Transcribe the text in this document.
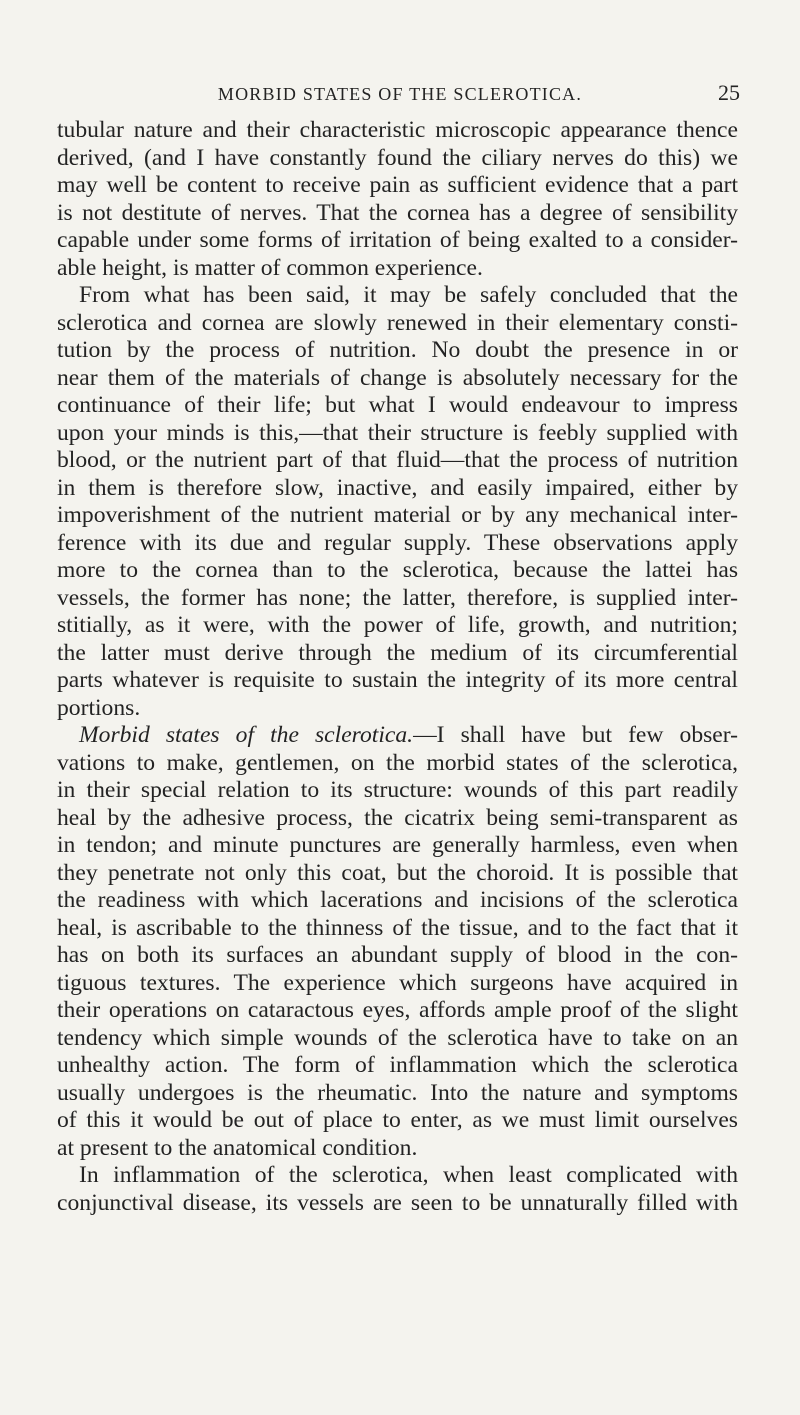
MORBID STATES OF THE SCLEROTICA.	25
tubular nature and their characteristic microscopic appearance thence
derived, (and I have constantly found the ciliary nerves do this) we
may well be content to receive pain as sufficient evidence that a part
is not destitute of nerves. That the cornea has a degree of sensibility
capable under some forms of irritation of being exalted to a consider-
able height, is matter of common experience.
From what has been said, it may be safely concluded that the
sclerotica and cornea are slowly renewed in their elementary consti-
tution by the process of nutrition. No doubt the presence in or
near them of the materials of change is absolutely necessary for the
continuance of their life; but what I would endeavour to impress
upon your minds is this,—that their structure is feebly supplied with
blood, or the nutrient part of that fluid—that the process of nutrition
in them is therefore slow, inactive, and easily impaired, either by
impoverishment of the nutrient material or by any mechanical inter-
ference with its due and regular supply. These observations apply
more to the cornea than to the sclerotica, because the lattei has
vessels, the former has none; the latter, therefore, is supplied inter-
stitially, as it were, with the power of life, growth, and nutrition;
the latter must derive through the medium of its circumferential
parts whatever is requisite to sustain the integrity of its more central
portions.
Morbid states of the sclerotica.—I shall have but few obser-
vations to make, gentlemen, on the morbid states of the sclerotica,
in their special relation to its structure: wounds of this part readily
heal by the adhesive process, the cicatrix being semi-transparent as
in tendon; and minute punctures are generally harmless, even when
they penetrate not only this coat, but the choroid. It is possible that
the readiness with which lacerations and incisions of the sclerotica
heal, is ascribable to the thinness of the tissue, and to the fact that it
has on both its surfaces an abundant supply of blood in the con-
tiguous textures. The experience which surgeons have acquired in
their operations on cataractous eyes, affords ample proof of the slight
tendency which simple wounds of the sclerotica have to take on an
unhealthy action. The form of inflammation which the sclerotica
usually undergoes is the rheumatic. Into the nature and symptoms
of this it would be out of place to enter, as we must limit ourselves
at present to the anatomical condition.
In inflammation of the sclerotica, when least complicated with
conjunctival disease, its vessels are seen to be unnaturally filled with
